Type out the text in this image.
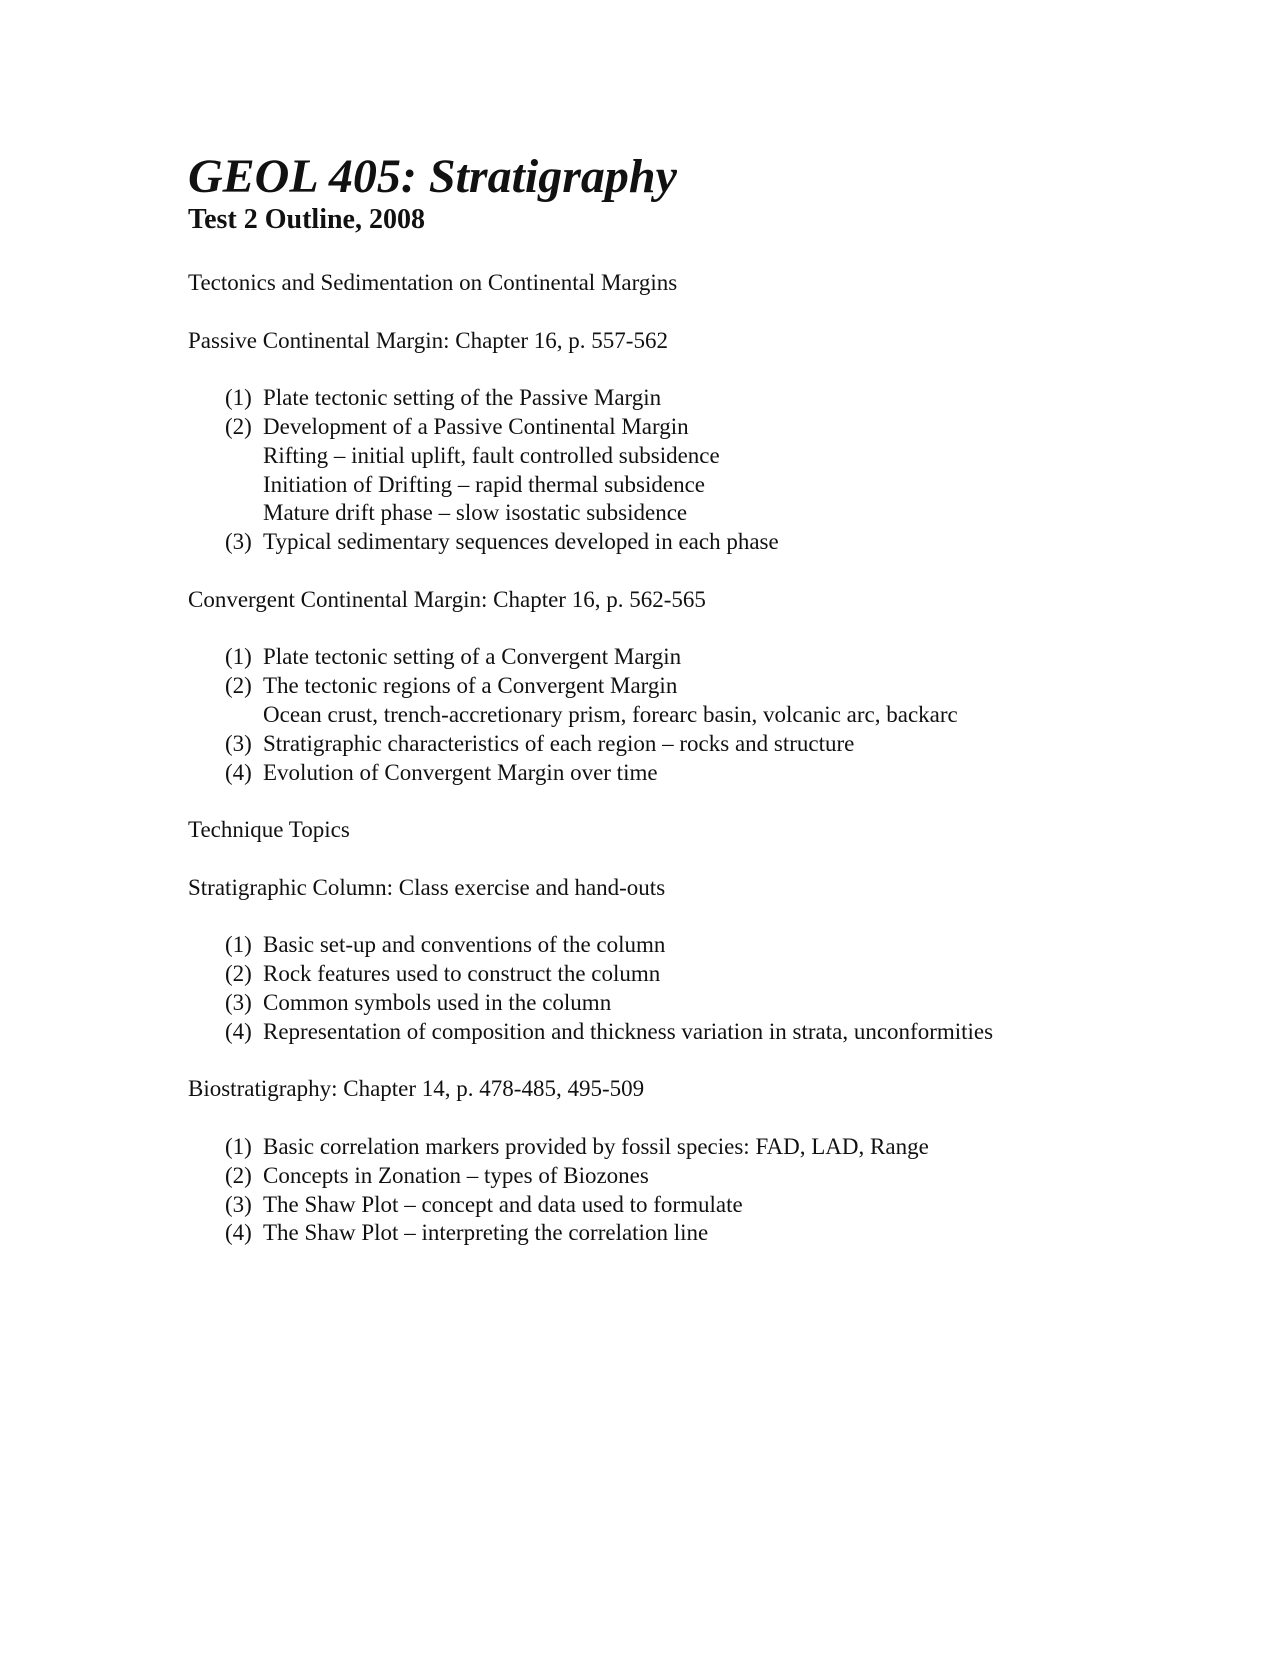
GEOL 405: Stratigraphy
Test 2 Outline, 2008
Tectonics and Sedimentation on Continental Margins
Passive Continental Margin: Chapter 16, p. 557-562
(1) Plate tectonic setting of the Passive Margin
(2) Development of a Passive Continental Margin
Rifting – initial uplift, fault controlled subsidence
Initiation of Drifting – rapid thermal subsidence
Mature drift phase – slow isostatic subsidence
(3) Typical sedimentary sequences developed in each phase
Convergent Continental Margin: Chapter 16, p. 562-565
(1) Plate tectonic setting of a Convergent Margin
(2) The tectonic regions of a Convergent Margin
Ocean crust, trench-accretionary prism, forearc basin, volcanic arc, backarc
(3) Stratigraphic characteristics of each region – rocks and structure
(4) Evolution of Convergent Margin over time
Technique Topics
Stratigraphic Column: Class exercise and hand-outs
(1) Basic set-up and conventions of the column
(2) Rock features used to construct the column
(3) Common symbols used in the column
(4) Representation of composition and thickness variation in strata, unconformities
Biostratigraphy: Chapter 14, p. 478-485, 495-509
(1) Basic correlation markers provided by fossil species: FAD, LAD, Range
(2) Concepts in Zonation – types of Biozones
(3) The Shaw Plot – concept and data used to formulate
(4) The Shaw Plot – interpreting the correlation line
